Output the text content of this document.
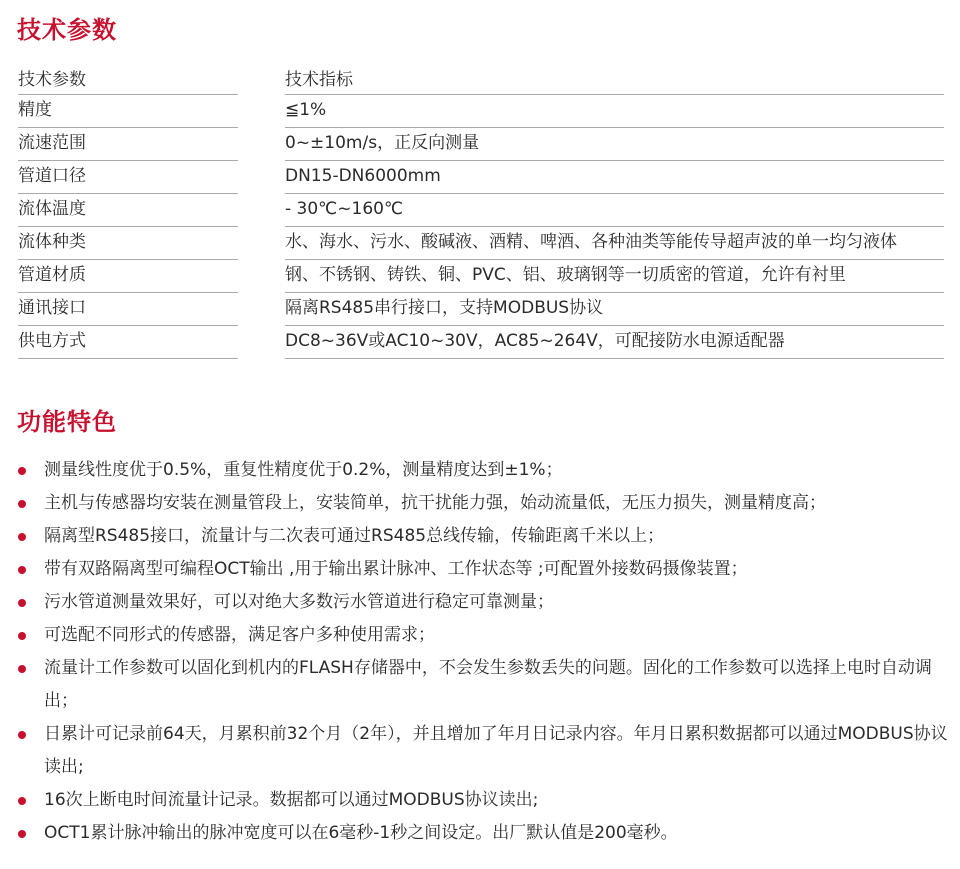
技术参数
技术参数	技术指标
精度	≦1%
流速范围	0~±10m/s，正反向测量
管道口径	DN15-DN6000mm
流体温度	- 30℃~160℃
流体种类	水、海水、污水、酸碱液、酒精、啤酒、各种油类等能传导超声波的单一均匀液体
管道材质	钢、不锈钢、铸铁、铜、PVC、铝、玻璃钢等一切质密的管道，允许有衬里
通讯接口	隔离RS485串行接口，支持MODBUS协议
供电方式	DC8~36V或AC10~30V，AC85~264V，可配接防水电源适配器
功能特色
测量线性度优于0.5%，重复性精度优于0.2%，测量精度达到±1%；
主机与传感器均安装在测量管段上，安装简单，抗干扰能力强，始动流量低，无压力损失，测量精度高；
隔离型RS485接口，流量计与二次表可通过RS485总线传输，传输距离千米以上；
带有双路隔离型可编程OCT输出 ,用于输出累计脉冲、工作状态等 ;可配置外接数码摄像装置；
污水管道测量效果好，可以对绝大多数污水管道进行稳定可靠测量；
可选配不同形式的传感器，满足客户多种使用需求；
流量计工作参数可以固化到机内的FLASH存储器中，不会发生参数丢失的问题。固化的工作参数可以选择上电时自动调出；
日累计可记录前64天，月累积前32个月（2年），并且增加了年月日记录内容。年月日累积数据都可以通过MODBUS协议读出;
16次上断电时间流量计记录。数据都可以通过MODBUS协议读出;
OCT1累计脉冲输出的脉冲宽度可以在6毫秒-1秒之间设定。出厂默认值是200毫秒。
